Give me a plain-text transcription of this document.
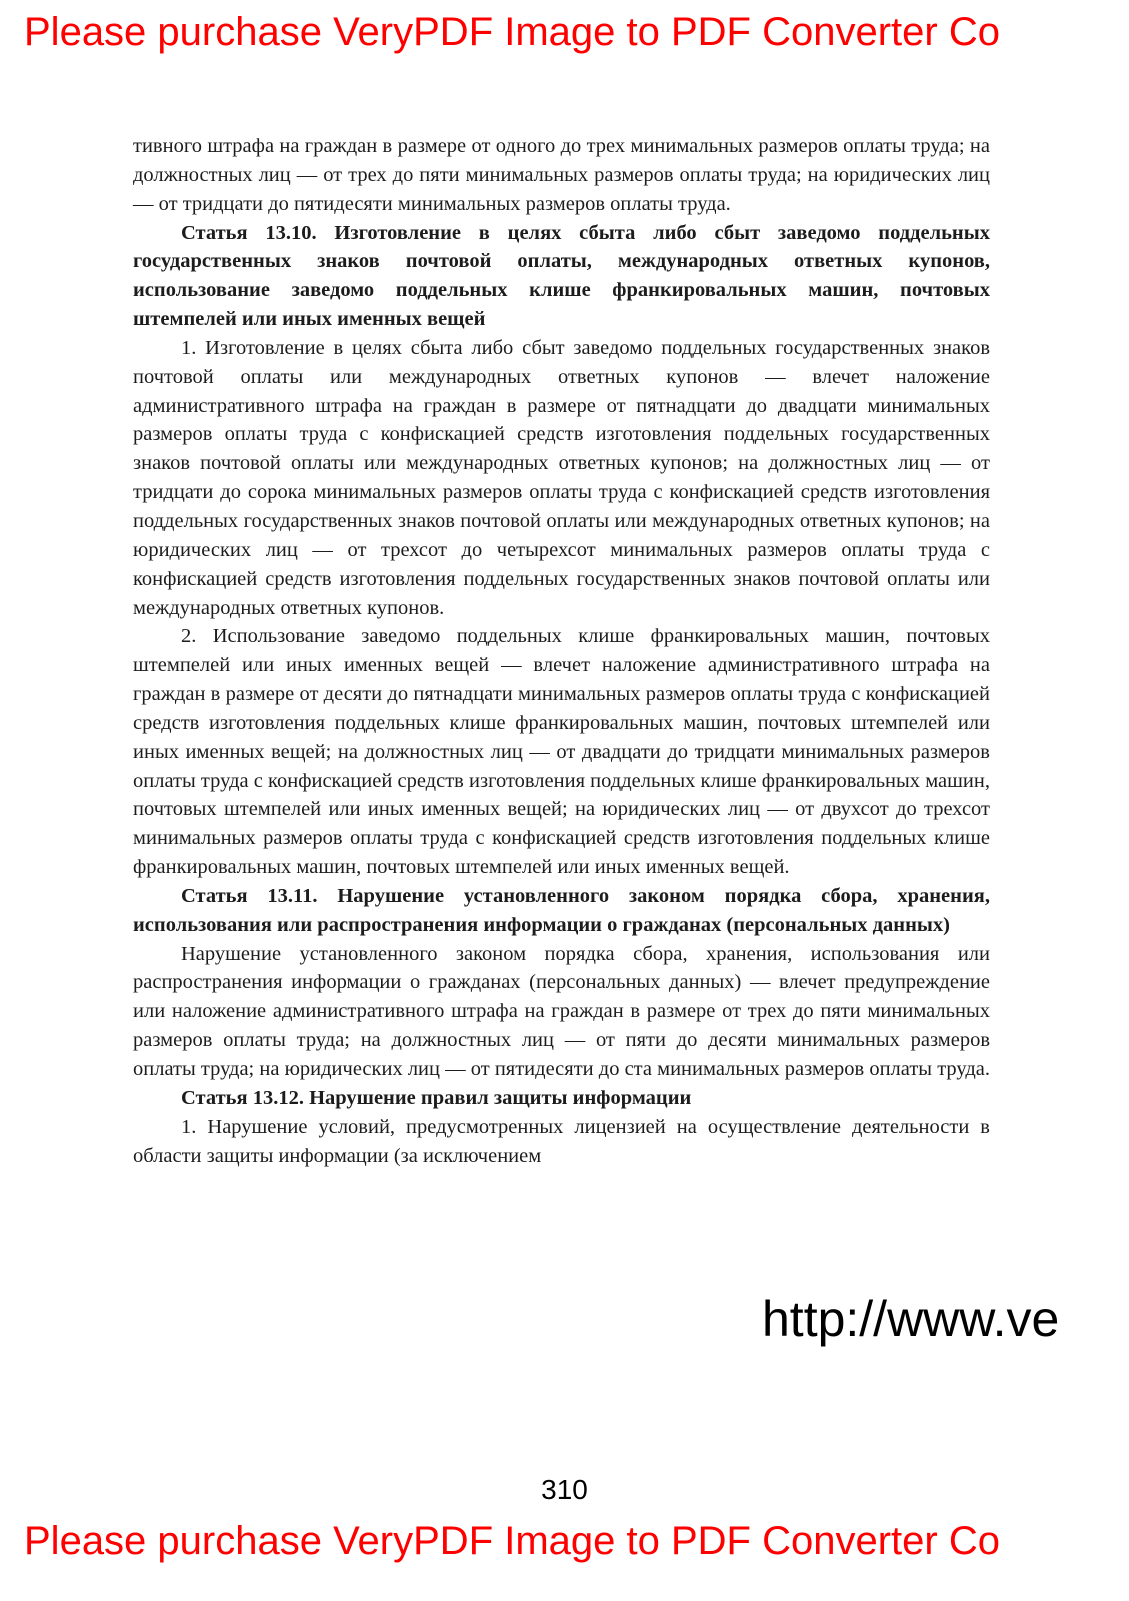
Please purchase VeryPDF Image to PDF Converter Co

тивного штрафа на граждан в размере от одного до трех минимальных размеров оплаты труда; на должностных лиц — от трех до пяти минимальных размеров оплаты труда; на юридических лиц — от тридцати до пятидесяти минимальных размеров оплаты труда.

Статья 13.10. Изготовление в целях сбыта либо сбыт заведомо поддельных государственных знаков почтовой оплаты, международных ответных купонов, использование заведомо поддельных клише франкировальных машин, почтовых штемпелей или иных именных вещей

1. Изготовление в целях сбыта либо сбыт заведомо поддельных государственных знаков почтовой оплаты или международных ответных купонов — влечет наложение административного штрафа на граждан в размере от пятнадцати до двадцати минимальных размеров оплаты труда с конфискацией средств изготовления поддельных государственных знаков почтовой оплаты или международных ответных купонов; на должностных лиц — от тридцати до сорока минимальных размеров оплаты труда с конфискацией средств изготовления поддельных государственных знаков почтовой оплаты или международных ответных купонов; на юридических лиц — от трехсот до четырехсот минимальных размеров оплаты труда с конфискацией средств изготовления поддельных государственных знаков почтовой оплаты или международных ответных купонов.

2. Использование заведомо поддельных клише франкировальных машин, почтовых штемпелей или иных именных вещей — влечет наложение административного штрафа на граждан в размере от десяти до пятнадцати минимальных размеров оплаты труда с конфискацией средств изготовления поддельных клише франкировальных машин, почтовых штемпелей или иных именных вещей; на должностных лиц — от двадцати до тридцати минимальных размеров оплаты труда с конфискацией средств изготовления поддельных клише франкировальных машин, почтовых штемпелей или иных именных вещей; на юридических лиц — от двухсот до трехсот минимальных размеров оплаты труда с конфискацией средств изготовления поддельных клише франкировальных машин, почтовых штемпелей или иных именных вещей.

Статья 13.11. Нарушение установленного законом порядка сбора, хранения, использования или распространения информации о гражданах (персональных данных)

Нарушение установленного законом порядка сбора, хранения, использования или распространения информации о гражданах (персональных данных) — влечет предупреждение или наложение административного штрафа на граждан в размере от трех до пяти минимальных размеров оплаты труда; на должностных лиц — от пяти до десяти минимальных размеров оплаты труда; на юридических лиц — от пятидесяти до ста минимальных размеров оплаты труда.

Статья 13.12. Нарушение правил защиты информации

1. Нарушение условий, предусмотренных лицензией на осуществление деятельности в области защиты информации (за исключением

http://www.ve
310
Please purchase VeryPDF Image to PDF Converter Co
